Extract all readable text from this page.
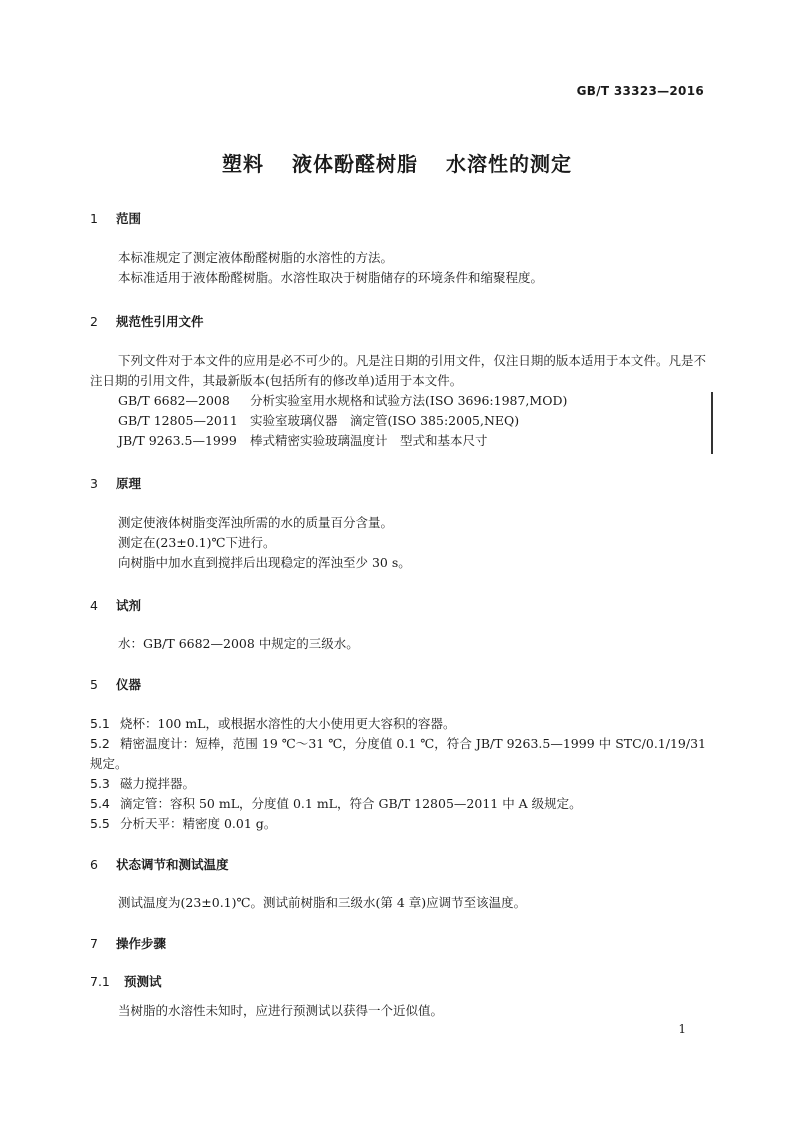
GB/T 33323—2016
塑料 液体酚醛树脂 水溶性的测定
1 范围
本标准规定了测定液体酚醛树脂的水溶性的方法。
本标准适用于液体酚醛树脂。水溶性取决于树脂储存的环境条件和缩聚程度。
2 规范性引用文件
下列文件对于本文件的应用是必不可少的。凡是注日期的引用文件，仅注日期的版本适用于本文件。凡是不注日期的引用文件，其最新版本(包括所有的修改单)适用于本文件。
GB/T 6682—2008 分析实验室用水规格和试验方法(ISO 3696:1987,MOD)
GB/T 12805—2011 实验室玻璃仪器　滴定管(ISO 385:2005,NEQ)
JB/T 9263.5—1999 棒式精密实验玻璃温度计　型式和基本尺寸
3 原理
测定使液体树脂变浑浊所需的水的质量百分含量。
测定在(23±0.1)℃下进行。
向树脂中加水直到搅拌后出现稳定的浑浊至少 30 s。
4 试剂
水：GB/T 6682—2008 中规定的三级水。
5 仪器
5.1 烧杯：100 mL，或根据水溶性的大小使用更大容积的容器。
5.2 精密温度计：短棒，范围 19 ℃～31 ℃，分度值 0.1 ℃，符合 JB/T 9263.5—1999 中 STC/0.1/19/31 规定。
5.3 磁力搅拌器。
5.4 滴定管：容积 50 mL，分度值 0.1 mL，符合 GB/T 12805—2011 中 A 级规定。
5.5 分析天平：精密度 0.01 g。
6 状态调节和测试温度
测试温度为(23±0.1)℃。测试前树脂和三级水(第 4 章)应调节至该温度。
7 操作步骤
7.1 预测试
当树脂的水溶性未知时，应进行预测试以获得一个近似值。
1
